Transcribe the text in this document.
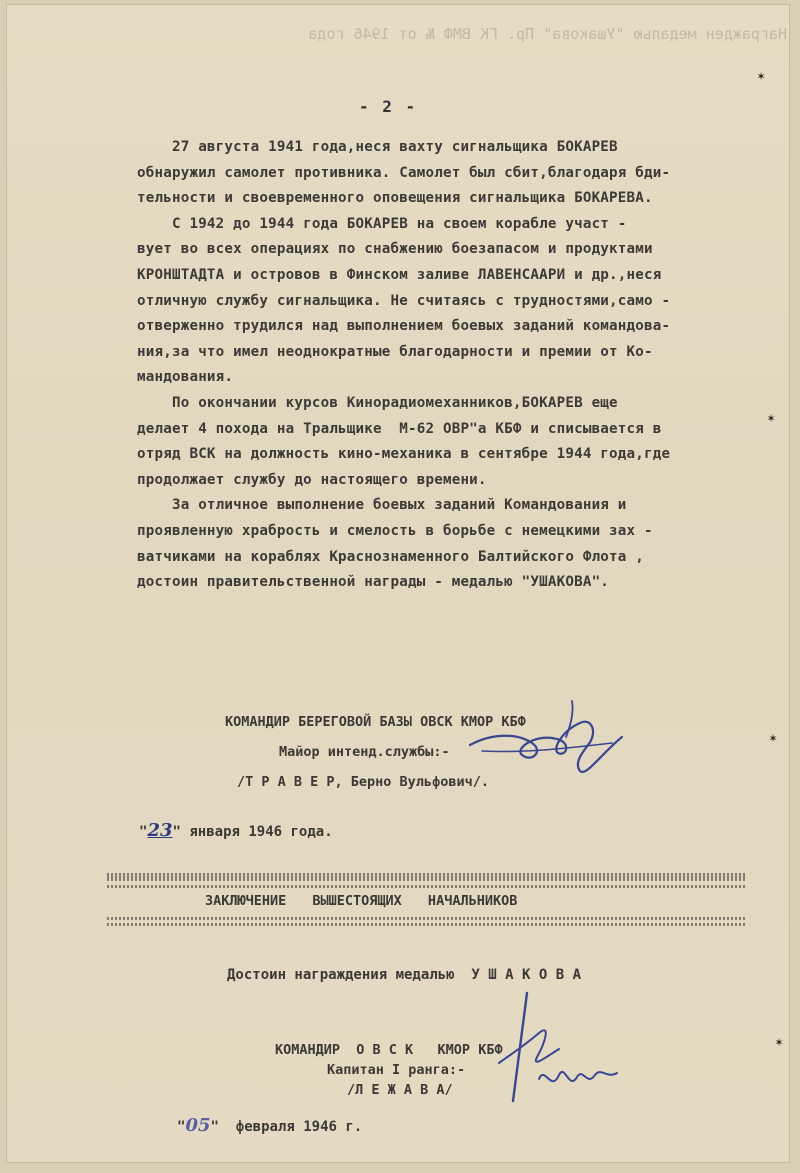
Награжден медалью "Ушакова" Пр. ГК ВМФ № от 1946 года
✶
✶
✶
✶
- 2 -
27 августа 1941 года,неся вахту сигнальщика БОКАРЕВ
обнаружил самолет противника. Самолет был сбит,благодаря бди-
тельности и своевременного оповещения сигнальщика БОКАРЕВА.
С 1942 до 1944 года БОКАРЕВ на своем корабле участ -
вует во всех операциях по снабжению боезапасом и продуктами
КРОНШТАДТА и островов в Финском заливе ЛАВЕНСААРИ и др.,неся
отличную службу сигнальщика. Не считаясь с трудностями,само -
отверженно трудился над выполнением боевых заданий командова-
ния,за что имел неоднократные благодарности и премии от Ко-
мандования.
По окончании курсов Кинорадиомеханников,БОКАРЕВ еще
делает 4 похода на Тральщике  М-62 ОВР"а КБФ и списывается в
отряд ВСК на должность кино-механика в сентябре 1944 года,где
продолжает службу до настоящего времени.
За отличное выполнение боевых заданий Командования и
проявленную храбрость и смелость в борьбе с немецкими зах -
ватчиками на кораблях Краснознаменного Балтийского Флота ,
достоин правительственной награды - медалью "УШАКОВА".
КОМАНДИР БЕРЕГОВОЙ БАЗЫ ОВСК КМОР КБФ
Майор интенд.службы:-
/Т Р А В Е Р, Берно Вульфович/.
"23" января 1946 года.
ЗАКЛЮЧЕНИЕ ВЫШЕСТОЯЩИХ НАЧАЛЬНИКОВ
Достоин награждения медалью  У Ш А К О В А
КОМАНДИР  О В С К   КМОР КБФ
Капитан I ранга:-
/Л Е Ж А В А/
"05"  февраля 1946 г.
